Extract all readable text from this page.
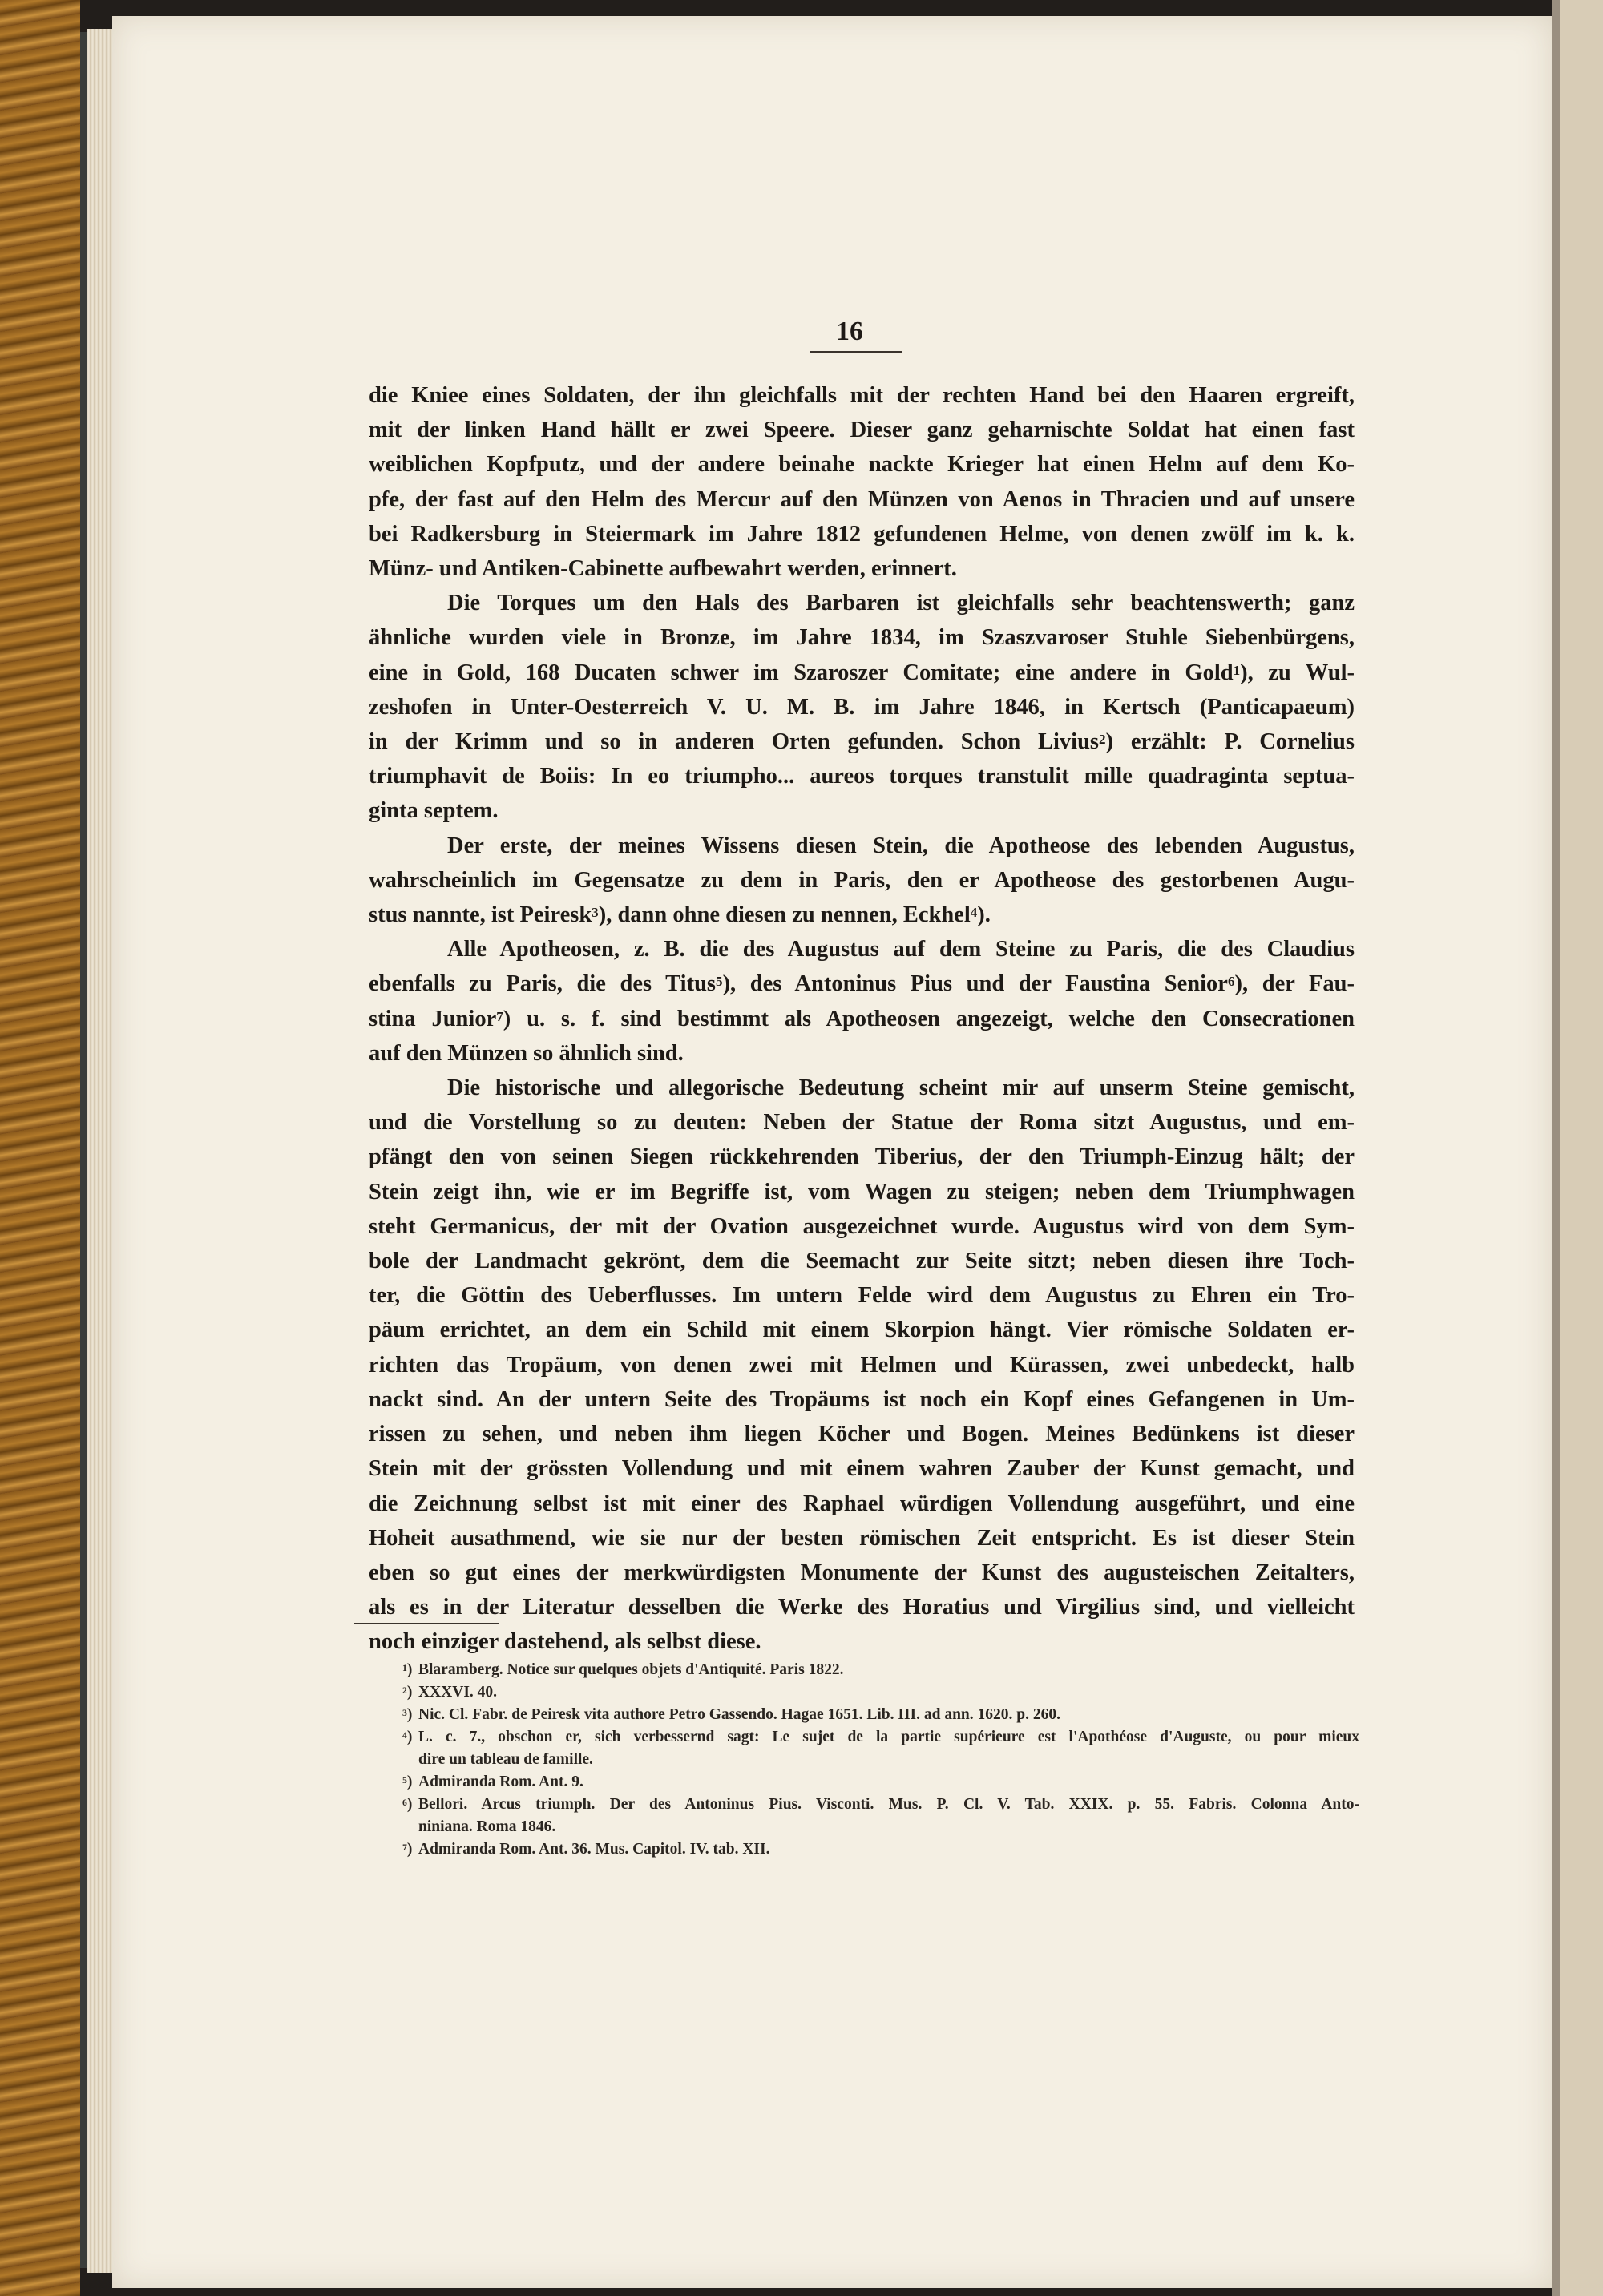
16
die Kniee eines Soldaten, der ihn gleichfalls mit der rechten Hand bei den Haaren ergreift,
mit der linken Hand hällt er zwei Speere. Dieser ganz geharnischte Soldat hat einen fast
weiblichen Kopfputz, und der andere beinahe nackte Krieger hat einen Helm auf dem Ko-
pfe, der fast auf den Helm des Mercur auf den Münzen von Aenos in Thracien und auf unsere
bei Radkersburg in Steiermark im Jahre 1812 gefundenen Helme, von denen zwölf im k. k.
Münz- und Antiken-Cabinette aufbewahrt werden, erinnert.
Die Torques um den Hals des Barbaren ist gleichfalls sehr beachtenswerth; ganz
ähnliche wurden viele in Bronze, im Jahre 1834, im Szaszvaroser Stuhle Siebenbürgens,
eine in Gold, 168 Ducaten schwer im Szaroszer Comitate; eine andere in Gold$^1$), zu Wul-
zeshofen in Unter-Oesterreich V. U. M. B. im Jahre 1846, in Kertsch (Panticapaeum)
in der Krimm und so in anderen Orten gefunden. Schon Livius$^2$) erzählt: P. Cornelius
triumphavit de Boiis: In eo triumpho... aureos torques transtulit mille quadraginta septua-
ginta septem.
Der erste, der meines Wissens diesen Stein, die Apotheose des lebenden Augustus,
wahrscheinlich im Gegensatze zu dem in Paris, den er Apotheose des gestorbenen Augu-
stus nannte, ist Peiresk$^3$), dann ohne diesen zu nennen, Eckhel$^4$).
Alle Apotheosen, z. B. die des Augustus auf dem Steine zu Paris, die des Claudius
ebenfalls zu Paris, die des Titus$^5$), des Antoninus Pius und der Faustina Senior$^6$), der Fau-
stina Junior$^7$) u. s. f. sind bestimmt als Apotheosen angezeigt, welche den Consecrationen
auf den Münzen so ähnlich sind.
Die historische und allegorische Bedeutung scheint mir auf unserm Steine gemischt,
und die Vorstellung so zu deuten: Neben der Statue der Roma sitzt Augustus, und em-
pfängt den von seinen Siegen rückkehrenden Tiberius, der den Triumph-Einzug hält; der
Stein zeigt ihn, wie er im Begriffe ist, vom Wagen zu steigen; neben dem Triumphwagen
steht Germanicus, der mit der Ovation ausgezeichnet wurde. Augustus wird von dem Sym-
bole der Landmacht gekrönt, dem die Seemacht zur Seite sitzt; neben diesen ihre Toch-
ter, die Göttin des Ueberflusses. Im untern Felde wird dem Augustus zu Ehren ein Tro-
päum errichtet, an dem ein Schild mit einem Skorpion hängt. Vier römische Soldaten er-
richten das Tropäum, von denen zwei mit Helmen und Kürassen, zwei unbedeckt, halb
nackt sind. An der untern Seite des Tropäums ist noch ein Kopf eines Gefangenen in Um-
rissen zu sehen, und neben ihm liegen Köcher und Bogen. Meines Bedünkens ist dieser
Stein mit der grössten Vollendung und mit einem wahren Zauber der Kunst gemacht, und
die Zeichnung selbst ist mit einer des Raphael würdigen Vollendung ausgeführt, und eine
Hoheit ausathmend, wie sie nur der besten römischen Zeit entspricht. Es ist dieser Stein
eben so gut eines der merkwürdigsten Monumente der Kunst des augusteischen Zeitalters,
als es in der Literatur desselben die Werke des Horatius und Virgilius sind, und vielleicht
noch einziger dastehend, als selbst diese.
$^1$) Blaramberg. Notice sur quelques objets d'Antiquité. Paris 1822.
$^2$) XXXVI. 40.
$^3$) Nic. Cl. Fabr. de Peiresk vita authore Petro Gassendo. Hagae 1651. Lib. III. ad ann. 1620. p. 260.
$^4$) L. c. 7., obschon er, sich verbessernd sagt: Le sujet de la partie supérieure est l'Apothéose d'Auguste, ou pour mieux
dire un tableau de famille.
$^5$) Admiranda Rom. Ant. 9.
$^6$) Bellori. Arcus triumph. Der des Antoninus Pius. Visconti. Mus. P. Cl. V. Tab. XXIX. p. 55. Fabris. Colonna Anto-
niniana. Roma 1846.
$^7$) Admiranda Rom. Ant. 36. Mus. Capitol. IV. tab. XII.
